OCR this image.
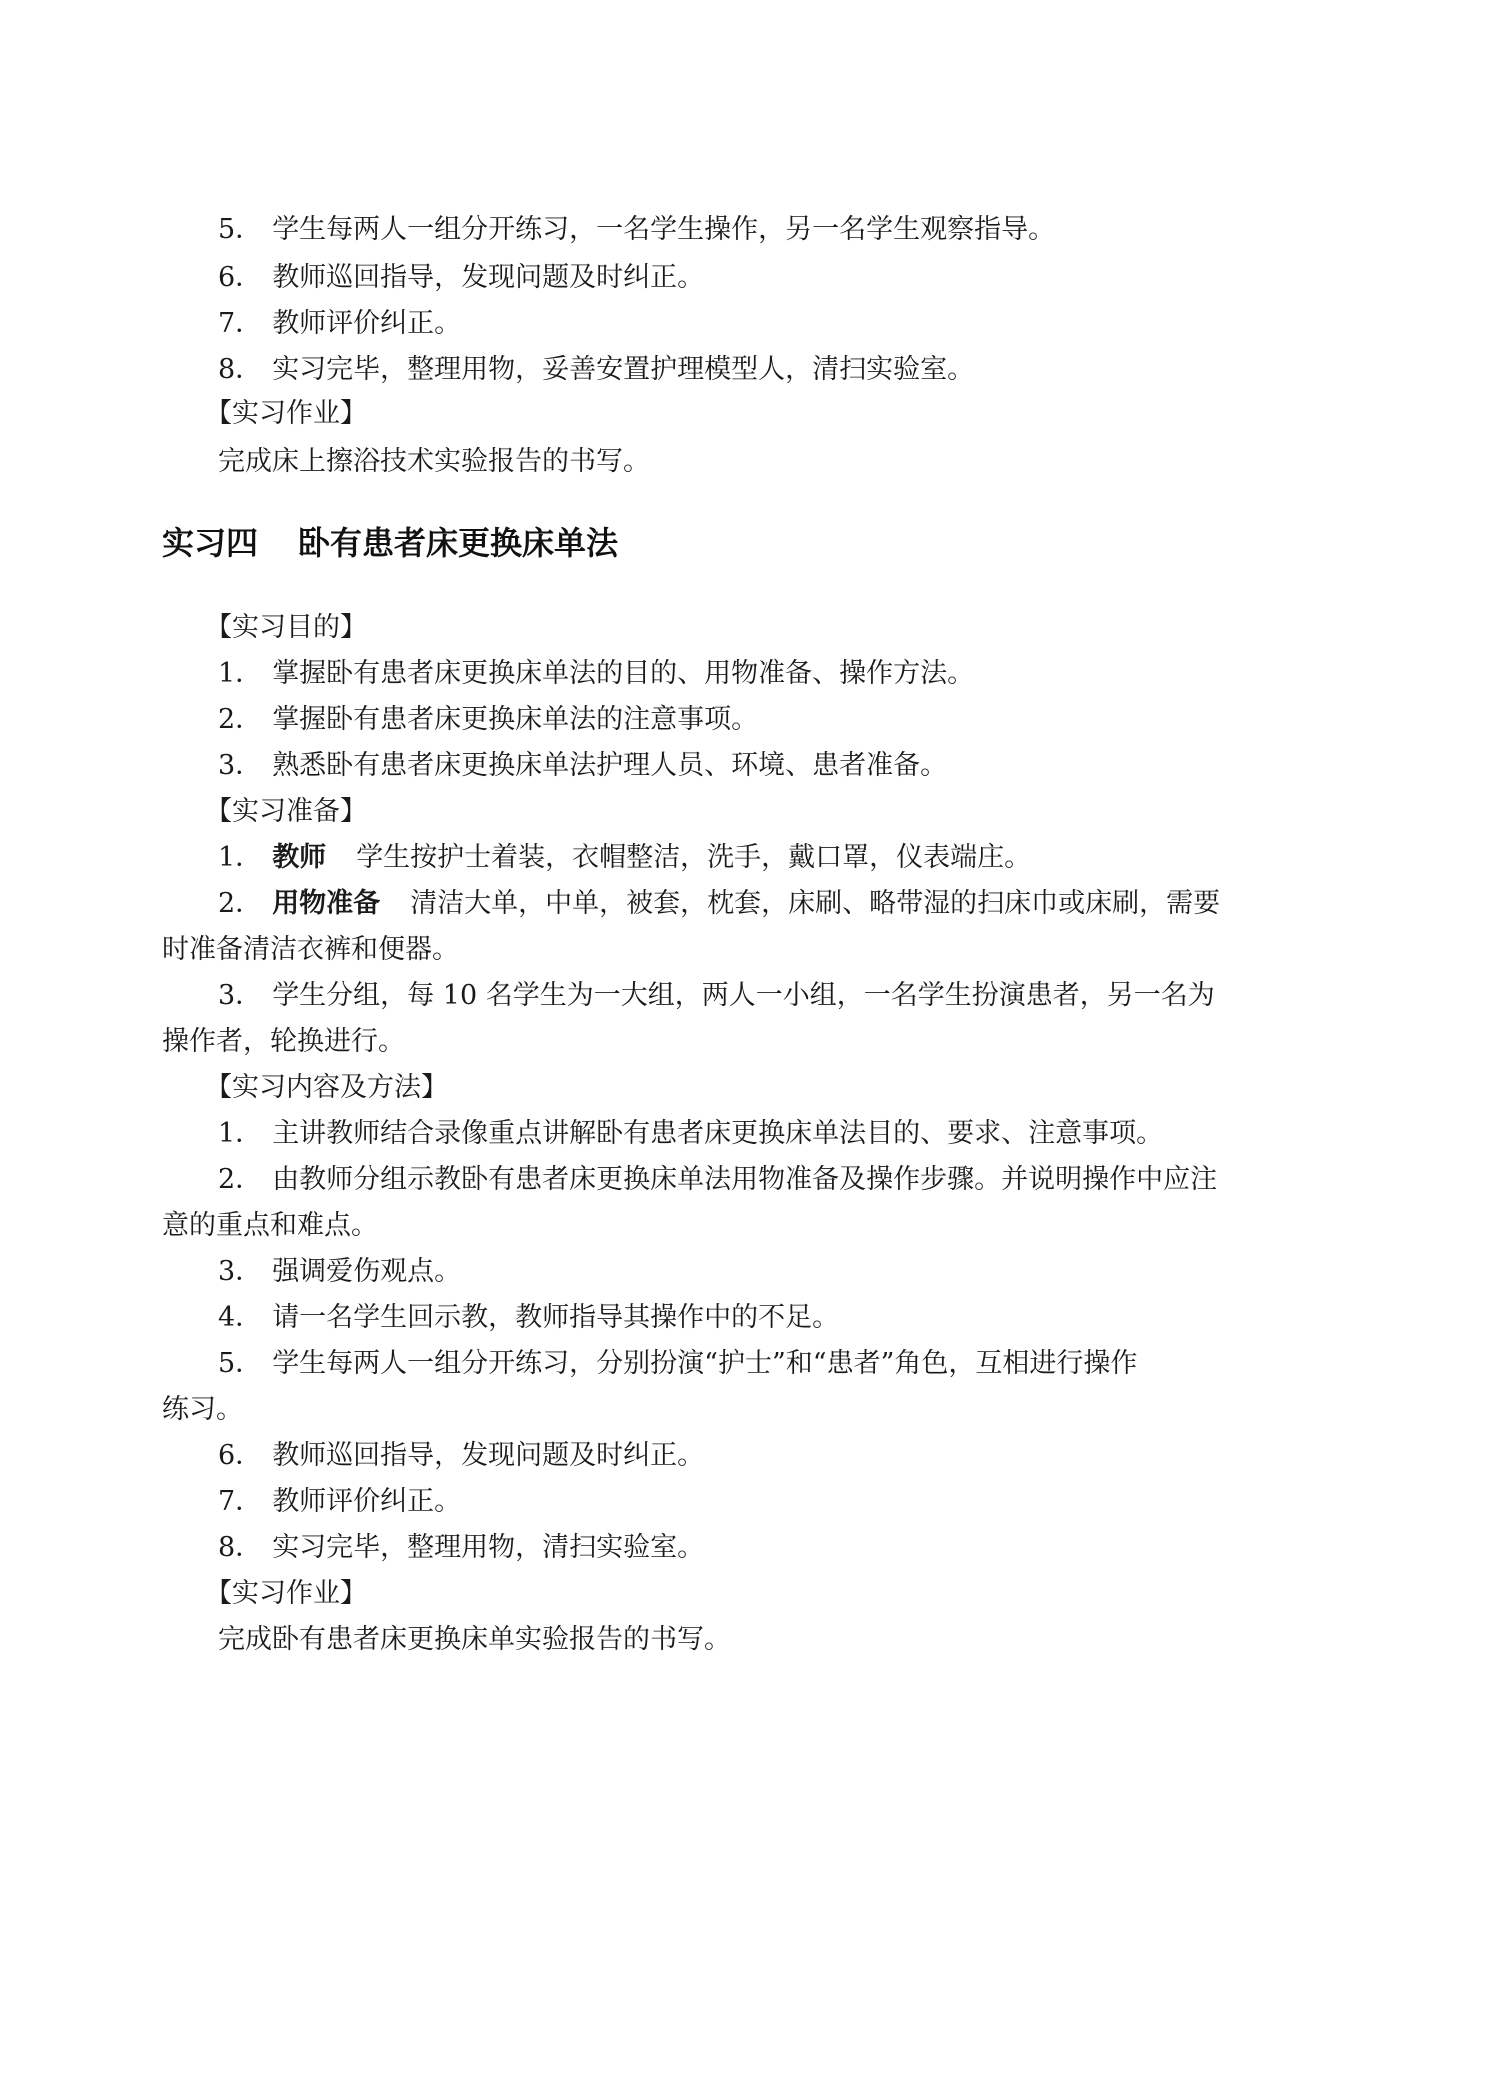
5． 学生每两人一组分开练习，一名学生操作，另一名学生观察指导。
6． 教师巡回指导，发现问题及时纠正。
7． 教师评价纠正。
8． 实习完毕，整理用物，妥善安置护理模型人，清扫实验室。
【实习作业】
完成床上擦浴技术实验报告的书写。
实习四 卧有患者床更换床单法
【实习目的】
1． 掌握卧有患者床更换床单法的目的、用物准备、操作方法。
2． 掌握卧有患者床更换床单法的注意事项。
3． 熟悉卧有患者床更换床单法护理人员、环境、患者准备。
【实习准备】
1． 教师 学生按护士着装，衣帽整洁，洗手，戴口罩，仪表端庄。
2． 用物准备 清洁大单，中单，被套，枕套，床刷、略带湿的扫床巾或床刷，需要
时准备清洁衣裤和便器。
3． 学生分组，每 10 名学生为一大组，两人一小组，一名学生扮演患者，另一名为
操作者，轮换进行。
【实习内容及方法】
1． 主讲教师结合录像重点讲解卧有患者床更换床单法目的、要求、注意事项。
2． 由教师分组示教卧有患者床更换床单法用物准备及操作步骤。并说明操作中应注
意的重点和难点。
3． 强调爱伤观点。
4． 请一名学生回示教，教师指导其操作中的不足。
5． 学生每两人一组分开练习，分别扮演“护士”和“患者”角色，互相进行操作
练习。
6． 教师巡回指导，发现问题及时纠正。
7． 教师评价纠正。
8． 实习完毕，整理用物，清扫实验室。
【实习作业】
完成卧有患者床更换床单实验报告的书写。
